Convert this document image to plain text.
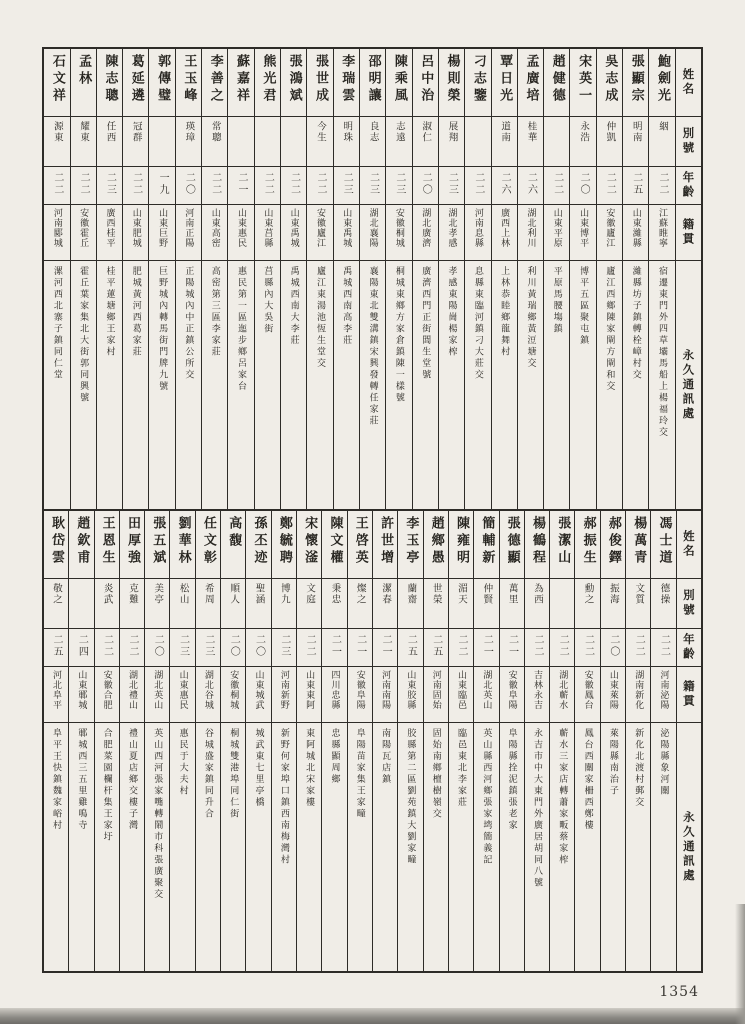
姓名
別號
年齡
籍貫
永久通訊處
鮑劍光
絪
二二
江蘇睢寧
宿遷東門外四草壩馬船上楊福玲交
張顯宗
明南
二五
山東濰縣
濰縣坊子鎮轉栓嶂村交
吳志成
仲凱
二二
安徽廬江
廬江西鄉陳家閘方閘和交
宋英一
永浩
二〇
山東博平
博平五區聚屯鎮
趙健德
二二
山東平原
平原馬腰塲鎮
孟廣培
桂華
二六
湖北利川
利川黃瑞鄉黃浢塘交
覃日光
道南
二六
廣西上林
上林恭睦鄉龍舞村
刁志鑒
二二
河南息縣
息縣東臨河鎮刁大莊交
楊則榮
展翔
二三
湖北孝感
孝感東陽崗楊家榨
呂中治
淑仁
二〇
湖北廣濟
廣濟西門正街閭生堂號
陳乘風
志遠
二三
安徽桐城
桐城東鄉方家倉鎮陳一樣號
邵明讓
良志
二三
湖北襄陽
襄陽東北雙溝鎮宋興發轉任家莊
李瑞雲
明珠
二三
山東禹城
禹城西南高李莊
張世成
今生
二二
安徽廬江
廬江東湯池恆生堂交
張鴻斌
二二
山東禹城
禹城西南大李莊
熊光君
二二
山東莒縣
莒縣內大吳街
蘇嘉祥
二一
山東惠民
惠民第一區迤步鄉呂家台
李善之
常聰
二二
山東高密
高密第三區李家莊
王玉峰
瑛璋
二〇
河南正陽
正陽城內中正鎮公所交
郭傳璧
一九
山東巨野
巨野城內轉馬街門牌九號
葛延遴
冠群
二二
山東肥城
肥城黃河西葛家莊
陳志聰
任西
二三
廣西桂平
桂平蓮塘鄉王家村
孟林
耀東
二二
安徽霍丘
霍丘葉家集北大街郭同興號
石文祥
源東
二二
河南郾城
漯河西北寨子鎮同仁堂
姓名
別號
年齡
籍貫
永久通訊處
馮士道
德操
二二
河南泌陽
泌陽縣象河關
楊萬青
文質
二二
湖南新化
新化北渡村郵交
郝俊鐸
振海
二〇
山東萊陽
萊陽縣南治子
郝振生
勳之
二二
安徽鳳台
鳳台西關家柵西鄭樓
張潔山
二二
湖北蘄水
蘄水三家店轉蕭家畈蔡家榨
楊鶴程
為西
二二
吉林永吉
永吉市中大東門外廣居胡同八號
張德顯
萬里
二一
安徽阜陽
阜陽縣拴泥鎮張老家
簡輔新
仲賢
二一
湖北英山
英山縣西河鄉張家塆簡義記
陳雍明
湄天
二二
山東臨邑
臨邑東北李家莊
趙鄉愚
世榮
二五
河南固始
固始南鄉檀樹嶺交
李玉亭
蘭齋
二五
山東胶縣
胶縣第二區劉苑鎮大劉家疃
許世增
潔春
二一
河南南陽
南陽瓦店鎮
王啓英
燦之
二一
安徽阜陽
阜陽苗家集王家疃
陳文權
秉忠
二一
四川忠縣
忠縣顯周鄉
宋懷滏
文庭
二二
山東東阿
東阿城北宋家樓
鄭毓聘
博九
二三
河南新野
新野何家埠口鎮西南梅灣村
孫丕迹
聖涵
二〇
山東城武
城武東七里亭橋
高馥
順人
二〇
安徽桐城
桐城雙港埠同仁街
任文彰
希周
二三
湖北谷城
谷城盛家鎮同升合
劉華林
松山
二三
山東惠民
惠民于大夫村
張五斌
美亭
二〇
湖北英山
英山西河張家嘴轉鬧市科張廣聚交
田厚強
克難
二二
湖北禮山
禮山夏店鄉交樓子灣
王恩生
炎武
二二
安徽合肥
合肥菜園欄杆集王家圩
趙欽甫
二四
山東鄆城
鄆城西三五里雞鳴寺
耿岱雲
敬之
二五
河北阜平
阜平王快鎮魏家峪村
1354
